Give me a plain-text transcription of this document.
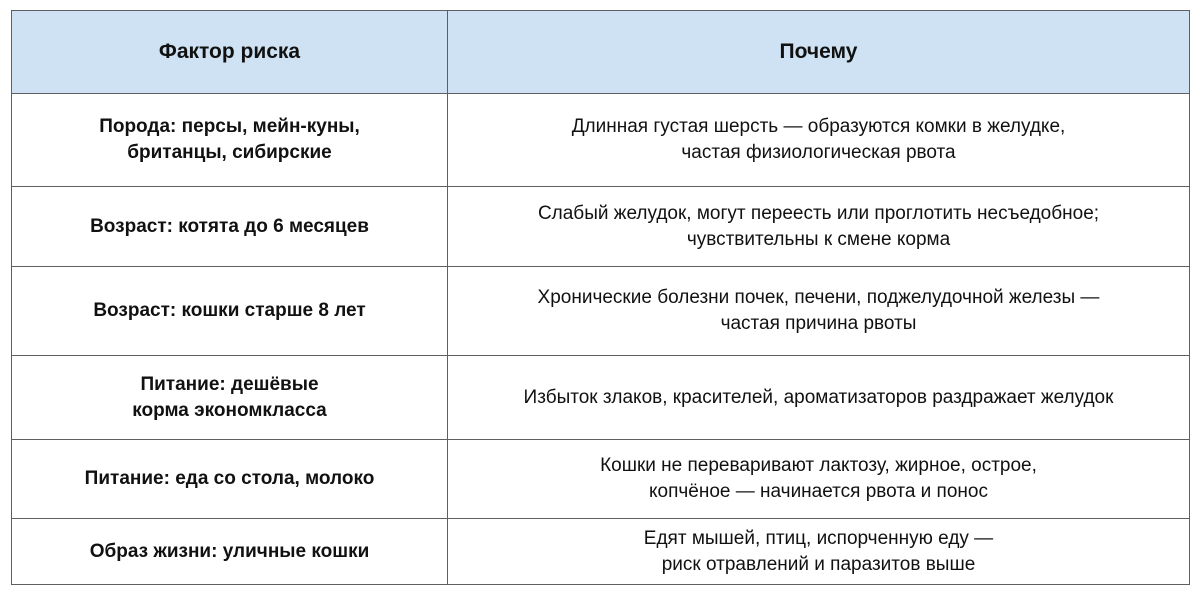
Фактор риска	Почему

Порода: персы, мейн-куны,
британцы, сибирские	Длинная густая шерсть — образуются комки в желудке,
частая физиологическая рвота

Возраст: котята до 6 месяцев	Слабый желудок, могут переесть или проглотить несъедобное;
чувствительны к смене корма

Возраст: кошки старше 8 лет	Хронические болезни почек, печени, поджелудочной железы —
частая причина рвоты

Питание: дешёвые
корма экономкласса	Избыток злаков, красителей, ароматизаторов раздражает желудок

Питание: еда со стола, молоко	Кошки не переваривают лактозу, жирное, острое,
копчёное — начинается рвота и понос

Образ жизни: уличные кошки	Едят мышей, птиц, испорченную еду —
риск отравлений и паразитов выше
